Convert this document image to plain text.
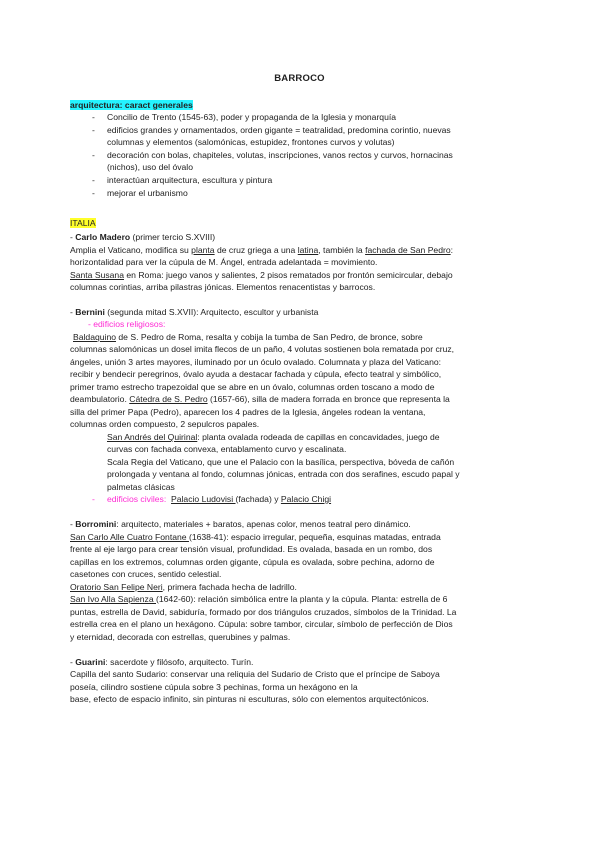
BARROCO
arquitectura: caract generales
- Concilio de Trento (1545-63), poder y propaganda de la Iglesia y monarquía
- edificios grandes y ornamentados, orden gigante = teatralidad, predomina corintio, nuevas
columnas y elementos (salomónicas, estupidez, frontones curvos y volutas)
- decoración con bolas, chapiteles, volutas, inscripciones, vanos rectos y curvos, hornacinas
(nichos), uso del óvalo
- interactúan arquitectura, escultura y pintura
- mejorar el urbanismo
ITALIA
- Carlo Madero (primer tercio S.XVIII)
Amplia el Vaticano, modifica su planta de cruz griega a una latina, también la fachada de San Pedro:
horizontalidad para ver la cúpula de M. Ángel, entrada adelantada = movimiento.
Santa Susana en Roma: juego vanos y salientes, 2 pisos rematados por frontón semicircular, debajo
columnas corintias, arriba pilastras jónicas. Elementos renacentistas y barrocos.
- Bernini (segunda mitad S.XVII): Arquitecto, escultor y urbanista
- edificios religiosos:
Baldaquino de S. Pedro de Roma, resalta y cobija la tumba de San Pedro, de bronce, sobre
columnas salomónicas un dosel imita flecos de un paño, 4 volutas sostienen bola rematada por cruz,
ángeles, unión 3 artes mayores, iluminado por un óculo ovalado. Columnata y plaza del Vaticano:
recibir y bendecir peregrinos, óvalo ayuda a destacar fachada y cúpula, efecto teatral y simbólico,
primer tramo estrecho trapezoidal que se abre en un óvalo, columnas orden toscano a modo de
deambulatorio. Cátedra de S. Pedro (1657-66), silla de madera forrada en bronce que representa la
silla del primer Papa (Pedro), aparecen los 4 padres de la Iglesia, ángeles rodean la ventana,
columnas orden compuesto, 2 sepulcros papales.
San Andrés del Quirinal: planta ovalada rodeada de capillas en concavidades, juego de
curvas con fachada convexa, entablamento curvo y escalinata.
Scala Regia del Vaticano, que une el Palacio con la basílica, perspectiva, bóveda de cañón
prolongada y ventana al fondo, columnas jónicas, entrada con dos serafines, escudo papal y
palmetas clásicas
- edificios civiles: Palacio Ludovisi (fachada) y Palacio Chigi
- Borromini: arquitecto, materiales + baratos, apenas color, menos teatral pero dinámico.
San Carlo Alle Cuatro Fontane (1638-41): espacio irregular, pequeña, esquinas matadas, entrada
frente al eje largo para crear tensión visual, profundidad. Es ovalada, basada en un rombo, dos
capillas en los extremos, columnas orden gigante, cúpula es ovalada, sobre pechina, adorno de
casetones con cruces, sentido celestial.
Oratorio San Felipe Neri, primera fachada hecha de ladrillo.
San Ivo Alla Sapienza (1642-60): relación simbólica entre la planta y la cúpula. Planta: estrella de 6
puntas, estrella de David, sabiduría, formado por dos triángulos cruzados, símbolos de la Trinidad. La
estrella crea en el plano un hexágono. Cúpula: sobre tambor, circular, símbolo de perfección de Dios
y eternidad, decorada con estrellas, querubines y palmas.
- Guarini: sacerdote y filósofo, arquitecto. Turín.
Capilla del santo Sudario: conservar una reliquia del Sudario de Cristo que el príncipe de Saboya
poseía, cilindro sostiene cúpula sobre 3 pechinas, forma un hexágono en la
base, efecto de espacio infinito, sin pinturas ni esculturas, sólo con elementos arquitectónicos.
